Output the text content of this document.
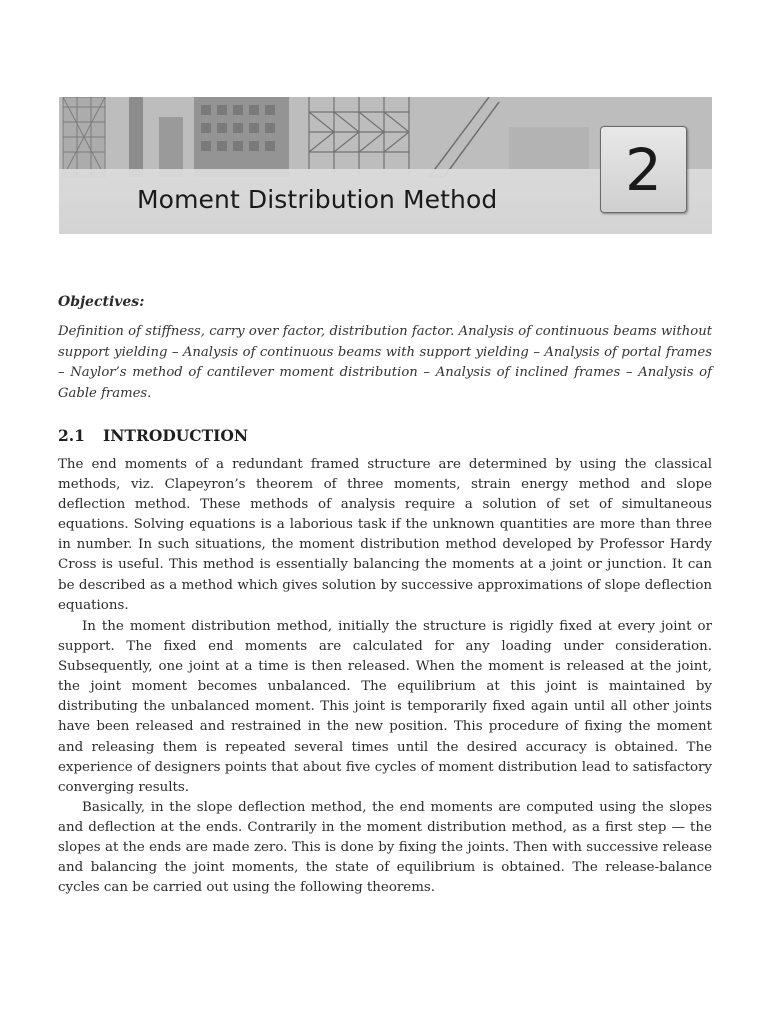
Moment Distribution Method 2

Objectives:

Definition of stiffness, carry over factor, distribution factor. Analysis of continuous beams without support yielding – Analysis of continuous beams with support yielding – Analysis of portal frames – Naylor’s method of cantilever moment distribution – Analysis of inclined frames – Analysis of Gable frames.

2.1 INTRODUCTION

The end moments of a redundant framed structure are determined by using the classical methods, viz. Clapeyron’s theorem of three moments, strain energy method and slope deflection method. These methods of analysis require a solution of set of simultaneous equations. Solving equations is a laborious task if the unknown quantities are more than three in number. In such situations, the moment distribution method developed by Professor Hardy Cross is useful. This method is essentially balancing the moments at a joint or junction. It can be described as a method which gives solution by successive approximations of slope deflection equations.

In the moment distribution method, initially the structure is rigidly fixed at every joint or support. The fixed end moments are calculated for any loading under consideration. Subsequently, one joint at a time is then released. When the moment is released at the joint, the joint moment becomes unbalanced. The equilibrium at this joint is maintained by distributing the unbalanced moment. This joint is temporarily fixed again until all other joints have been released and restrained in the new position. This procedure of fixing the moment and releasing them is repeated several times until the desired accuracy is obtained. The experience of designers points that about five cycles of moment distribution lead to satisfactory converging results.

Basically, in the slope deflection method, the end moments are computed using the slopes and deflection at the ends. Contrarily in the moment distribution method, as a first step — the slopes at the ends are made zero. This is done by fixing the joints. Then with successive release and balancing the joint moments, the state of equilibrium is obtained. The release-balance cycles can be carried out using the following theorems.
